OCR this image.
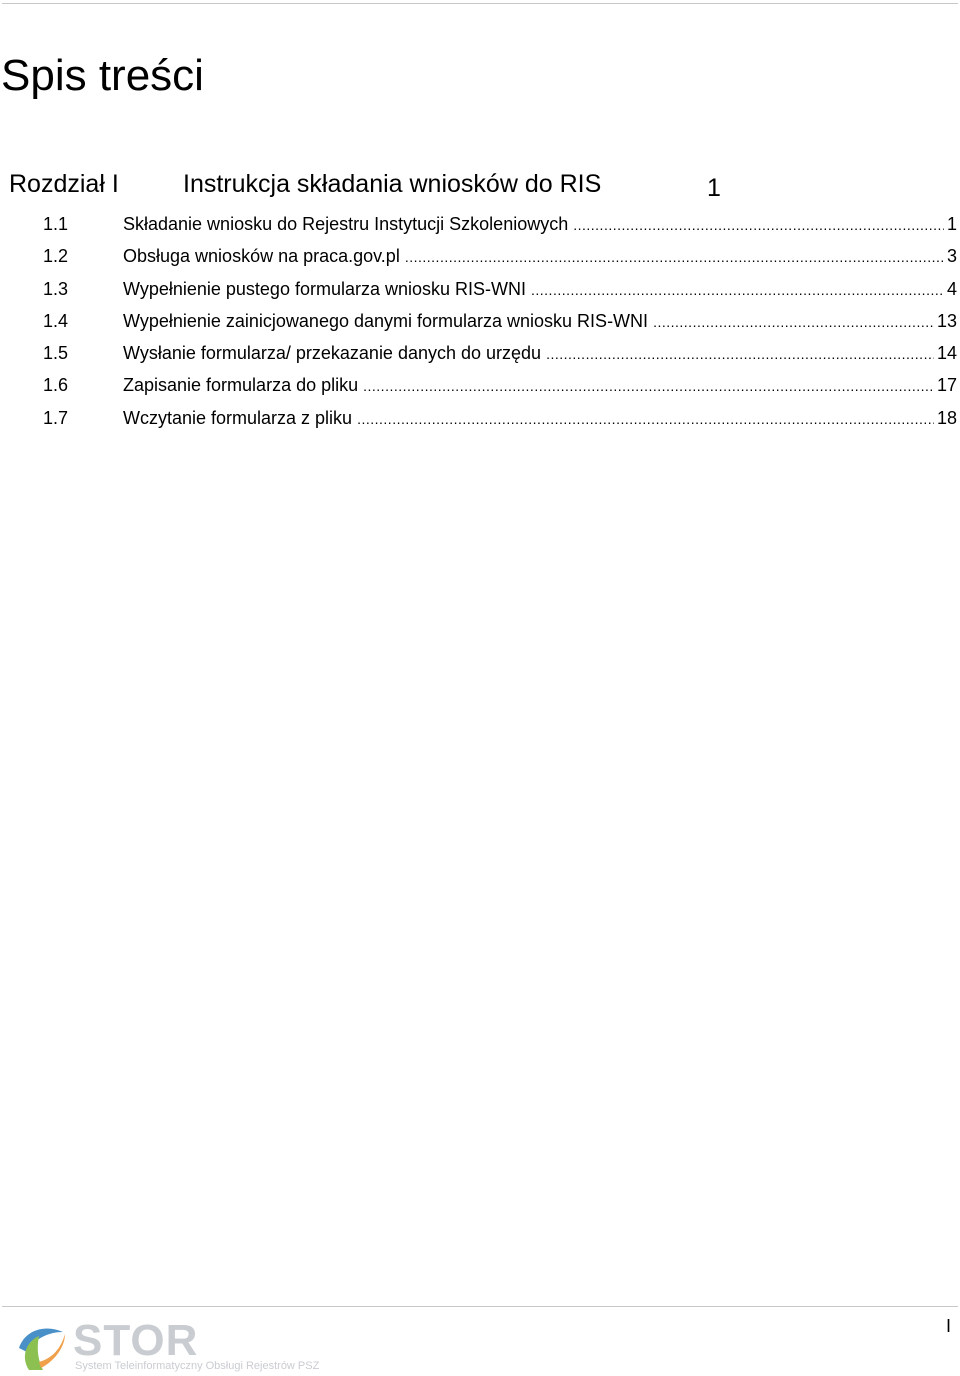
Spis treści
Rozdział I	Instrukcja składania wniosków do RIS	1
1.1	Składanie wniosku do Rejestru Instytucji Szkoleniowych .....	1
1.2	Obsługa wniosków na praca.gov.pl .....	3
1.3	Wypełnienie pustego formularza wniosku RIS-WNI .....	4
1.4	Wypełnienie zainicjowanego danymi formularza wniosku RIS-WNI .....	13
1.5	Wysłanie formularza/ przekazanie danych do urzędu .....	14
1.6	Zapisanie formularza do pliku .....	17
1.7	Wczytanie formularza z pliku .....	18
STOR
System Teleinformatyczny Obsługi Rejestrów PSZ
I
